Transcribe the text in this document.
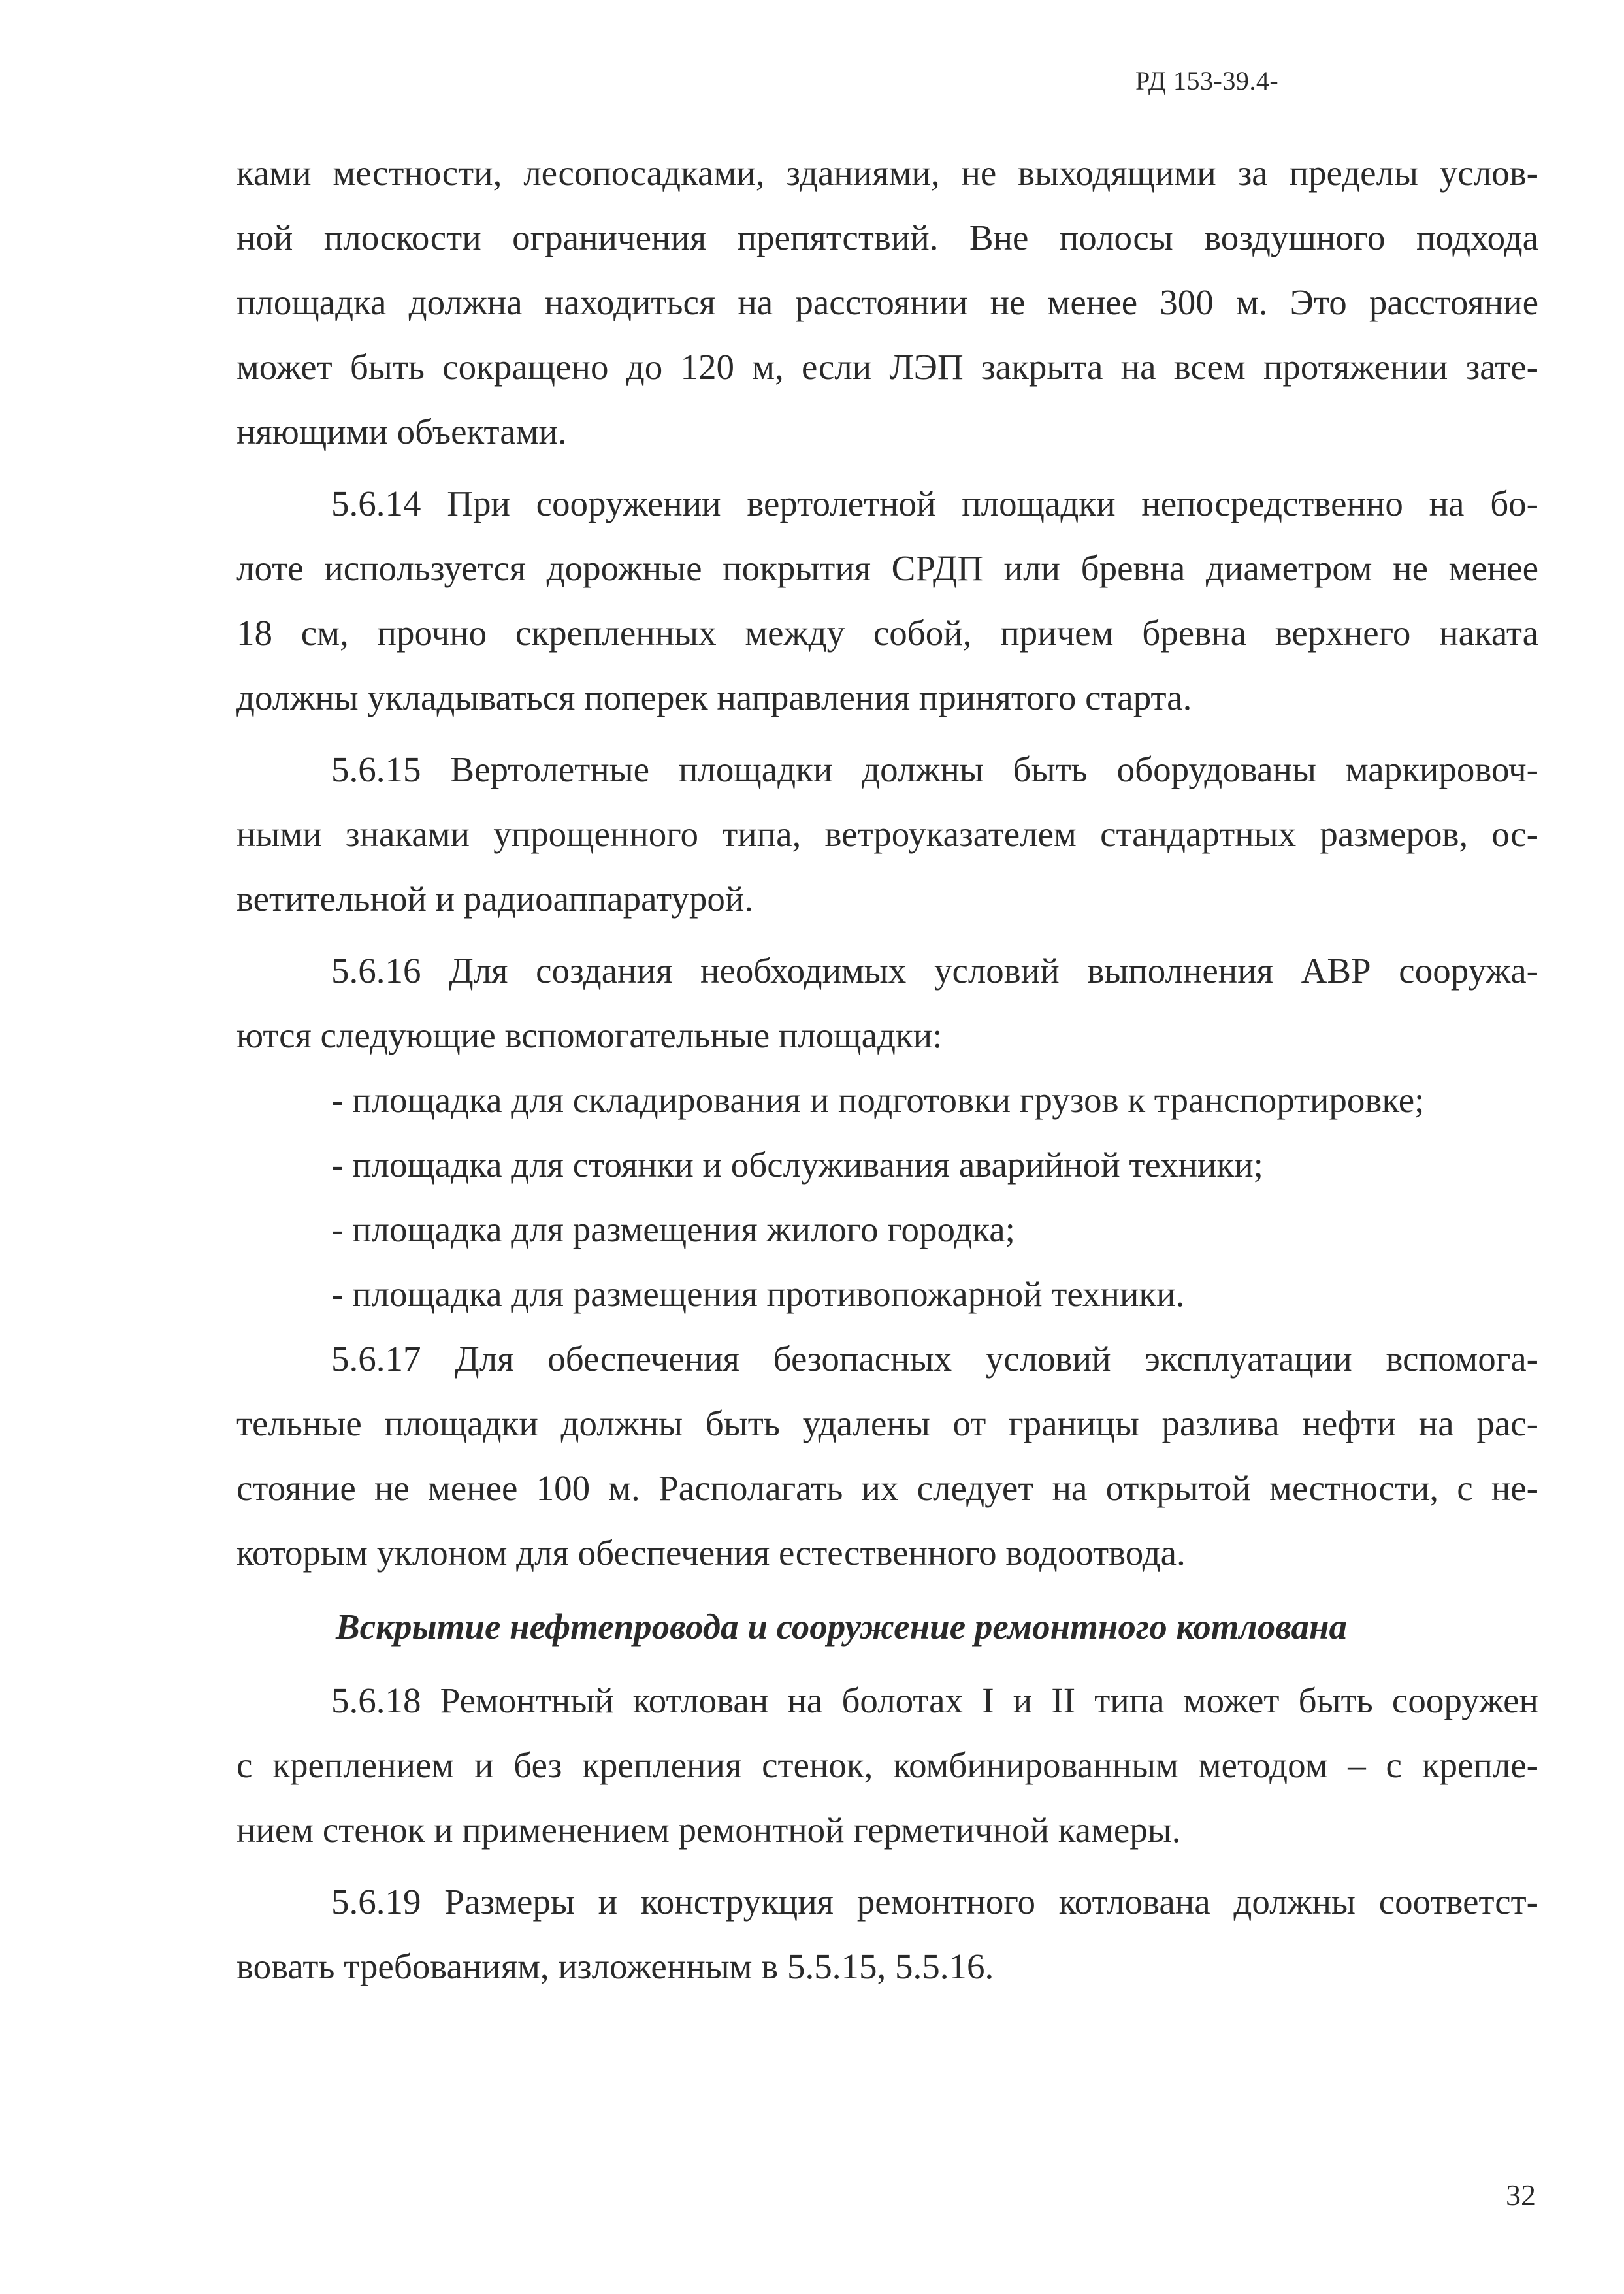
РД 153-39.4-
ками местности, лесопосадками, зданиями, не выходящими за пределы услов-
ной плоскости ограничения препятствий. Вне полосы воздушного подхода
площадка должна находиться на расстоянии не менее 300 м. Это расстояние
может быть сокращено до 120 м, если ЛЭП закрыта на всем протяжении зате-
няющими объектами.
5.6.14 При сооружении вертолетной площадки непосредственно на бо-
лоте используется дорожные покрытия СРДП или бревна диаметром не менее
18 см, прочно скрепленных между собой, причем бревна верхнего наката
должны укладываться поперек направления принятого старта.
5.6.15 Вертолетные площадки должны быть оборудованы маркировоч-
ными знаками упрощенного типа, ветроуказателем стандартных размеров, ос-
ветительной и радиоаппаратурой.
5.6.16 Для создания необходимых условий выполнения АВР сооружа-
ются следующие вспомогательные площадки:
- площадка для складирования и подготовки грузов к транспортировке;
- площадка для стоянки и обслуживания аварийной техники;
- площадка для размещения жилого городка;
- площадка для размещения противопожарной техники.
5.6.17 Для обеспечения безопасных условий эксплуатации вспомога-
тельные площадки должны быть удалены от границы разлива нефти на рас-
стояние не менее 100 м. Располагать их следует на открытой местности, с не-
которым уклоном для обеспечения естественного водоотвода.
Вскрытие нефтепровода и сооружение ремонтного котлована
5.6.18 Ремонтный котлован на болотах I и II типа может быть сооружен
с креплением и без крепления стенок, комбинированным методом – с крепле-
нием стенок и применением ремонтной герметичной камеры.
5.6.19 Размеры и конструкция ремонтного котлована должны соответст-
вовать требованиям, изложенным в 5.5.15, 5.5.16.
32
